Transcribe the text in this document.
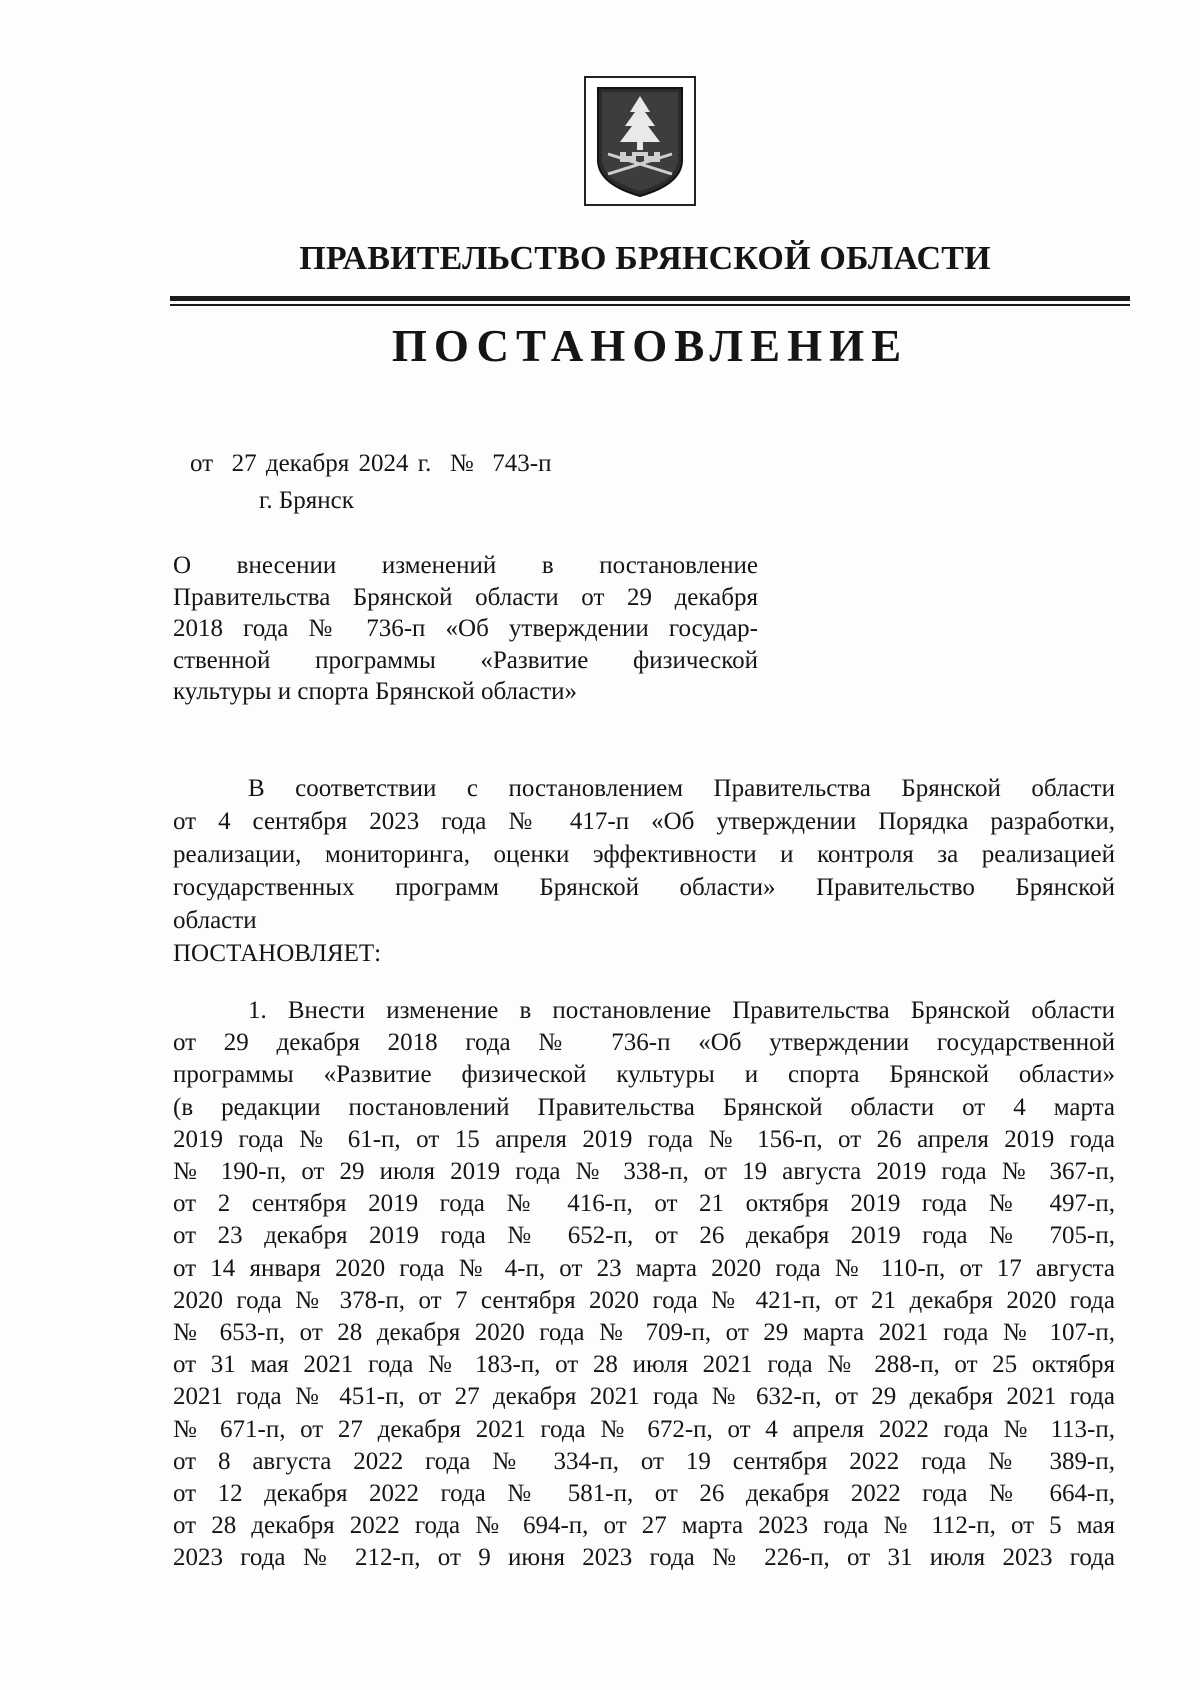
ПРАВИТЕЛЬСТВО БРЯНСКОЙ ОБЛАСТИ
ПОСТАНОВЛЕНИЕ
от  27 декабря 2024 г.  №  743-п
г. Брянск
О   внесении   изменений   в   постановление
Правительства Брянской области от 29 декабря
2018 года № 736-п «Об утверждении государ-
ственной программы «Развитие физической
культуры и спорта Брянской области»
В соответствии с постановлением Правительства Брянской области
от 4 сентября 2023 года № 417-п «Об утверждении Порядка разработки,
реализации, мониторинга, оценки эффективности и контроля за реализацией
государственных программ Брянской области» Правительство Брянской
области
ПОСТАНОВЛЯЕТ:
1. Внести изменение в постановление Правительства Брянской области
от 29 декабря 2018 года № 736-п «Об утверждении государственной
программы «Развитие физической культуры и спорта Брянской области»
(в редакции постановлений Правительства Брянской области от 4 марта
2019 года № 61-п, от 15 апреля 2019 года № 156-п, от 26 апреля 2019 года
№ 190-п, от 29 июля 2019 года № 338-п, от 19 августа 2019 года № 367-п,
от 2 сентября 2019 года № 416-п, от 21 октября 2019 года № 497-п,
от 23 декабря 2019 года № 652-п, от 26 декабря 2019 года № 705-п,
от 14 января 2020 года № 4-п, от 23 марта 2020 года № 110-п, от 17 августа
2020 года № 378-п, от 7 сентября 2020 года № 421-п, от 21 декабря 2020 года
№ 653-п, от 28 декабря 2020 года № 709-п, от 29 марта 2021 года № 107-п,
от 31 мая 2021 года № 183-п, от 28 июля 2021 года № 288-п, от 25 октября
2021 года № 451-п, от 27 декабря 2021 года № 632-п, от 29 декабря 2021 года
№ 671-п, от 27 декабря 2021 года № 672-п, от 4 апреля 2022 года № 113-п,
от 8 августа 2022 года № 334-п, от 19 сентября 2022 года № 389-п,
от 12 декабря 2022 года № 581-п, от 26 декабря 2022 года № 664-п,
от 28 декабря 2022 года № 694-п, от 27 марта 2023 года № 112-п, от 5 мая
2023 года № 212-п, от 9 июня 2023 года № 226-п, от 31 июля 2023 года
